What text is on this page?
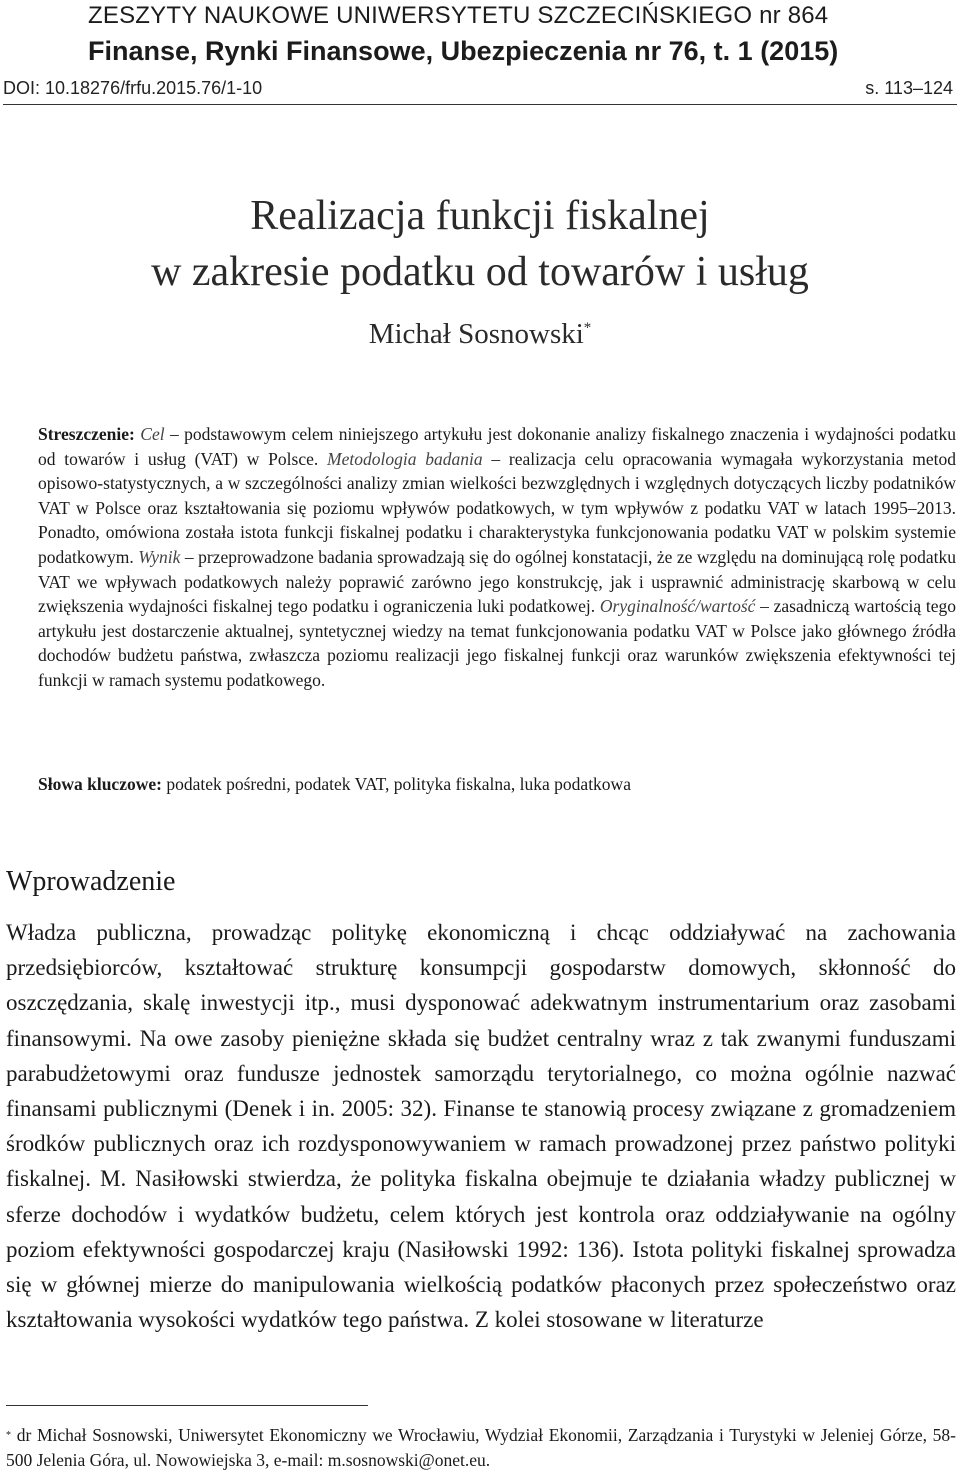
ZESZYTY NAUKOWE UNIWERSYTETU SZCZECIŃSKIEGO nr 864
Finanse, Rynki Finansowe, Ubezpieczenia nr 76, t. 1 (2015)
DOI: 10.18276/frfu.2015.76/1-10	s. 113–124
Realizacja funkcji fiskalnej
w zakresie podatku od towarów i usług
Michał Sosnowski*
Streszczenie: Cel – podstawowym celem niniejszego artykułu jest dokonanie analizy fiskalnego znaczenia i wydajności podatku od towarów i usług (VAT) w Polsce. Metodologia badania – realizacja celu opracowania wymagała wykorzystania metod opisowo-statystycznych, a w szczególności analizy zmian wielkości bezwzględnych i względnych dotyczących liczby podatników VAT w Polsce oraz kształtowania się poziomu wpływów podatkowych, w tym wpływów z podatku VAT w latach 1995–2013. Ponadto, omówiona została istota funkcji fiskalnej podatku i charakterystyka funkcjonowania podatku VAT w polskim systemie podatkowym. Wynik – przeprowadzone badania sprowadzają się do ogólnej konstatacji, że ze względu na dominującą rolę podatku VAT we wpływach podatkowych należy poprawić zarówno jego konstrukcję, jak i usprawnić administrację skarbową w celu zwiększenia wydajności fiskalnej tego podatku i ograniczenia luki podatkowej. Oryginalność/wartość – zasadniczą wartością tego artykułu jest dostarczenie aktualnej, syntetycznej wiedzy na temat funkcjonowania podatku VAT w Polsce jako głównego źródła dochodów budżetu państwa, zwłaszcza poziomu realizacji jego fiskalnej funkcji oraz warunków zwiększenia efektywności tej funkcji w ramach systemu podatkowego.
Słowa kluczowe: podatek pośredni, podatek VAT, polityka fiskalna, luka podatkowa
Wprowadzenie
Władza publiczna, prowadząc politykę ekonomiczną i chcąc oddziaływać na zachowania przedsiębiorców, kształtować strukturę konsumpcji gospodarstw domowych, skłonność do oszczędzania, skalę inwestycji itp., musi dysponować adekwatnym instrumentarium oraz zasobami finansowymi. Na owe zasoby pieniężne składa się budżet centralny wraz z tak zwanymi funduszami parabudżetowymi oraz fundusze jednostek samorządu terytorialnego, co można ogólnie nazwać finansami publicznymi (Denek i in. 2005: 32). Finanse te stanowią procesy związane z gromadzeniem środków publicznych oraz ich rozdysponowywaniem w ramach prowadzonej przez państwo polityki fiskalnej. M. Nasiłowski stwierdza, że polityka fiskalna obejmuje te działania władzy publicznej w sferze dochodów i wydatków budżetu, celem których jest kontrola oraz oddziaływanie na ogólny poziom efektywności gospodarczej kraju (Nasiłowski 1992: 136). Istota polityki fiskalnej sprowadza się w głównej mierze do manipulowania wielkością podatków płaconych przez społeczeństwo oraz kształtowania wysokości wydatków tego państwa. Z kolei stosowane w literaturze
* dr Michał Sosnowski, Uniwersytet Ekonomiczny we Wrocławiu, Wydział Ekonomii, Zarządzania i Turystyki w Jeleniej Górze, 58-500 Jelenia Góra, ul. Nowowiejska 3, e-mail: m.sosnowski@onet.eu.
